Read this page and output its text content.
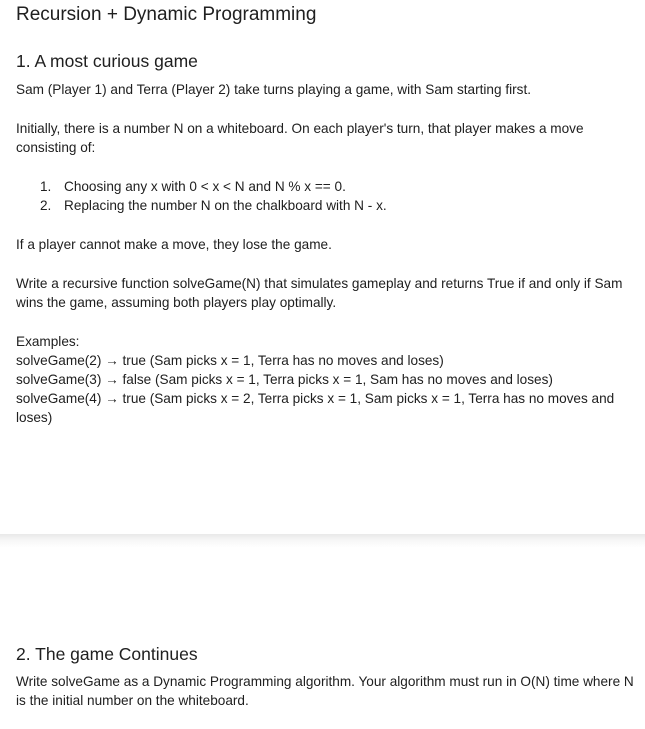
Recursion + Dynamic Programming
1. A most curious game
Sam (Player 1) and Terra (Player 2) take turns playing a game, with Sam starting first.
Initially, there is a number N on a whiteboard. On each player's turn, that player makes a move consisting of:
1. Choosing any x with 0 < x < N and N % x == 0.
2. Replacing the number N on the chalkboard with N - x.
If a player cannot make a move, they lose the game.
Write a recursive function solveGame(N) that simulates gameplay and returns True if and only if Sam wins the game, assuming both players play optimally.
Examples:
solveGame(2) → true (Sam picks x = 1, Terra has no moves and loses)
solveGame(3) → false (Sam picks x = 1, Terra picks x = 1, Sam has no moves and loses)
solveGame(4) → true (Sam picks x = 2, Terra picks x = 1, Sam picks x = 1, Terra has no moves and loses)
2. The game Continues
Write solveGame as a Dynamic Programming algorithm. Your algorithm must run in O(N) time where N is the initial number on the whiteboard.
